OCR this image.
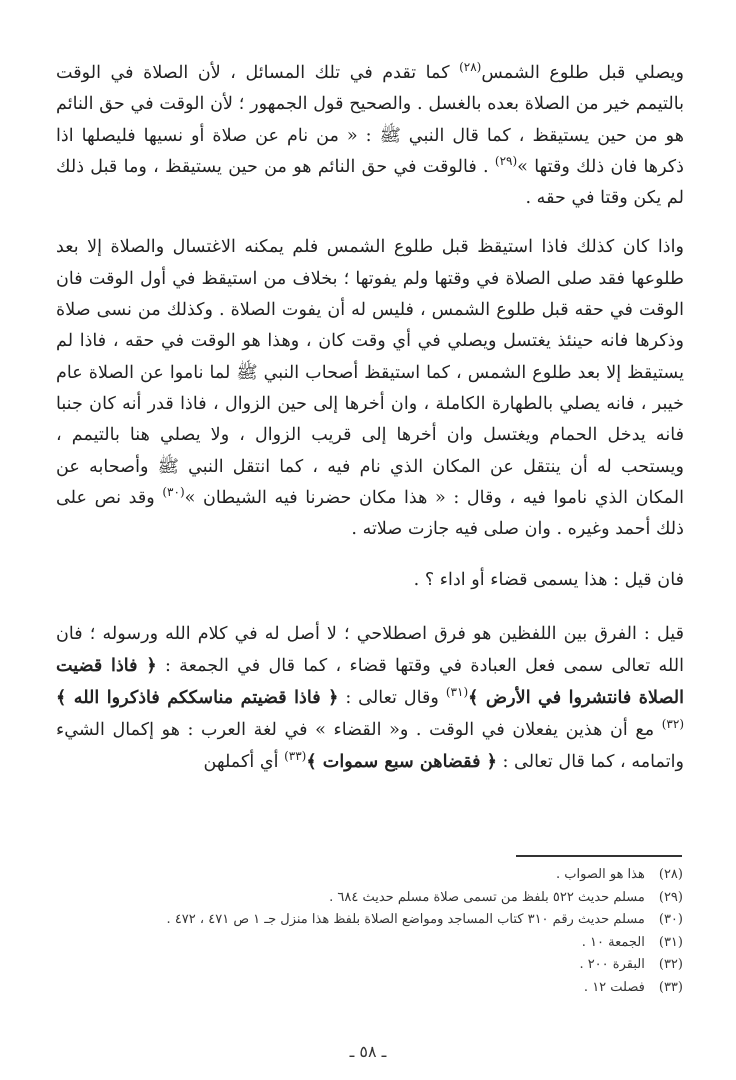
ويصلي قبل طلوع الشمس$^{(٢٨)}$ كما تقدم في تلك المسائل ، لأن الصلاة في الوقت بالتيمم خير من الصلاة بعده بالغسل . والصحيح قول الجمهور ؛ لأن الوقت في حق النائم هو من حين يستيقظ ، كما قال النبي ﷺ : « من نام عن صلاة أو نسيها فليصلها اذا ذكرها فان ذلك وقتها »$^{(٢٩)}$ . فالوقت في حق النائم هو من حين يستيقظ ، وما قبل ذلك لم يكن وقتا في حقه .

واذا كان كذلك فاذا استيقظ قبل طلوع الشمس فلم يمكنه الاغتسال والصلاة إلا بعد طلوعها فقد صلى الصلاة في وقتها ولم يفوتها ؛ بخلاف من استيقظ في أول الوقت فان الوقت في حقه قبل طلوع الشمس ، فليس له أن يفوت الصلاة . وكذلك من نسى صلاة وذكرها فانه حينئذ يغتسل ويصلي في أي وقت كان ، وهذا هو الوقت في حقه ، فاذا لم يستيقظ إلا بعد طلوع الشمس ، كما استيقظ أصحاب النبي ﷺ لما ناموا عن الصلاة عام خيبر ، فانه يصلي بالطهارة الكاملة ، وان أخرها إلى حين الزوال ، فاذا قدر أنه كان جنبا فانه يدخل الحمام ويغتسل وان أخرها إلى قريب الزوال ، ولا يصلي هنا بالتيمم ، ويستحب له أن ينتقل عن المكان الذي نام فيه ، كما انتقل النبي ﷺ وأصحابه عن المكان الذي ناموا فيه ، وقال : « هذا مكان حضرنا فيه الشيطان »$^{(٣٠)}$ وقد نص على ذلك أحمد وغيره . وان صلى فيه جازت صلاته .

فان قيل : هذا يسمى قضاء أو اداء ؟ .

قيل : الفرق بين اللفظين هو فرق اصطلاحي ؛ لا أصل له في كلام الله ورسوله ؛ فان الله تعالى سمى فعل العبادة في وقتها قضاء ، كما قال في الجمعة : ﴿ فاذا قضيت الصلاة فانتشروا في الأرض ﴾$^{(٣١)}$ وقال تعالى : ﴿ فاذا قضيتم مناسككم فاذكروا الله ﴾$^{(٣٢)}$ مع أن هذين يفعلان في الوقت . و« القضاء » في لغة العرب : هو إكمال الشيء واتمامه ، كما قال تعالى : ﴿ فقضاهن سبع سموات ﴾$^{(٣٣)}$ أي أكملهن

(٢٨) هذا هو الصواب .
(٢٩) مسلم حديث ٥٢٢ بلفظ من تسمى صلاة مسلم حديث ٦٨٤ .
(٣٠) مسلم حديث رقم ٣١٠ كتاب المساجد ومواضع الصلاة بلفظ هذا منزل جـ ١ ص ٤٧١ ، ٤٧٢ .
(٣١) الجمعة ١٠ .
(٣٢) البقرة ٢٠٠ .
(٣٣) فصلت ١٢ .
ـ ٥٨ ـ
